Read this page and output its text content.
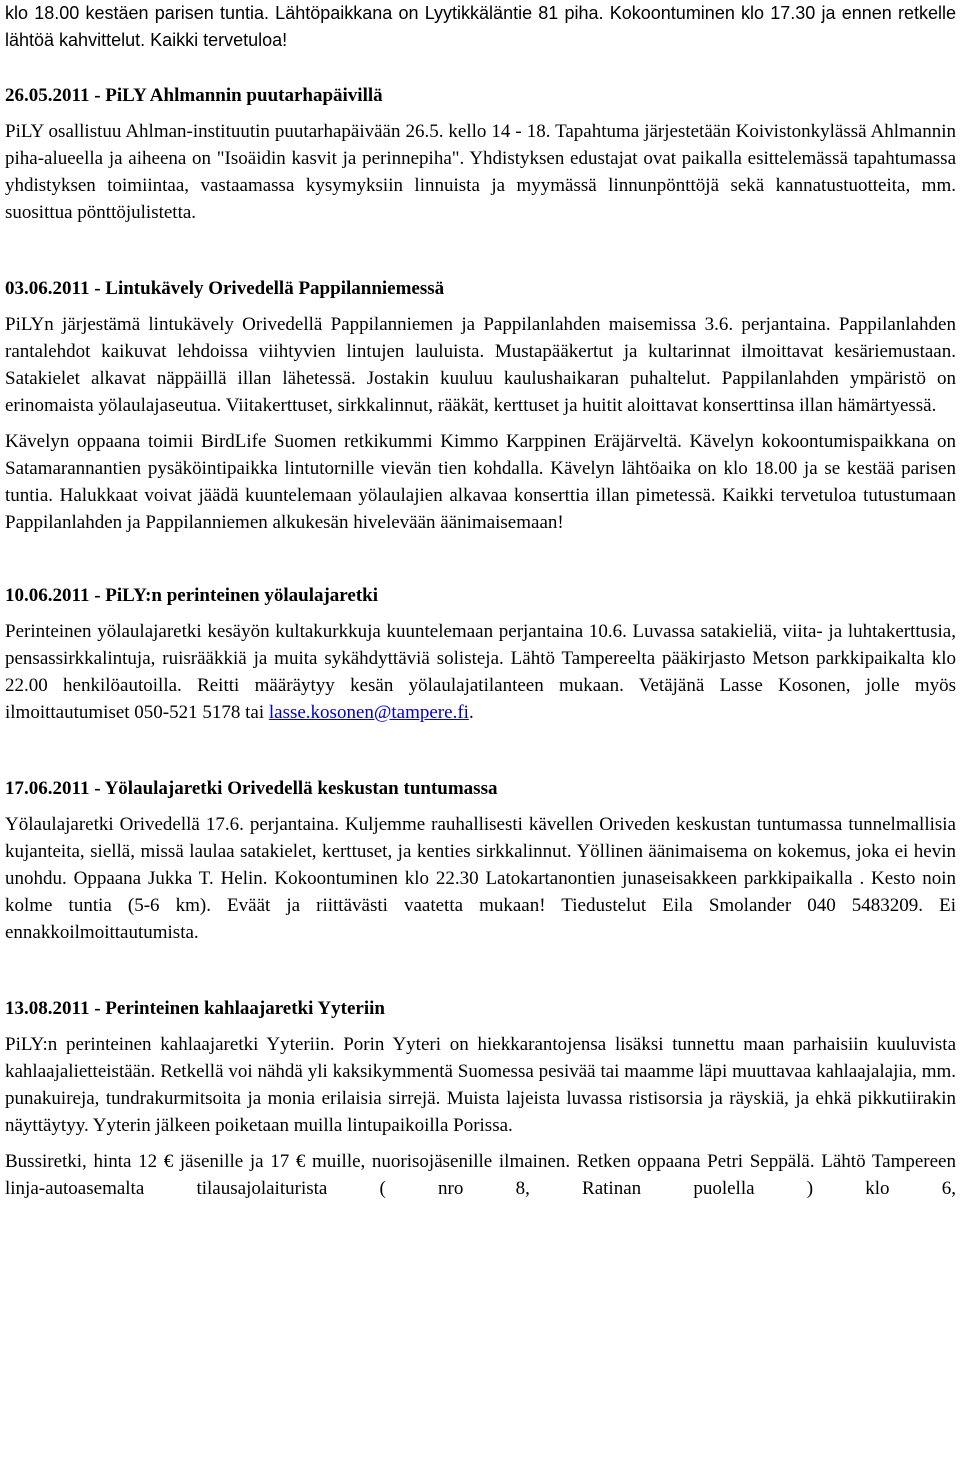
klo 18.00 kestäen parisen tuntia. Lähtöpaikkana on Lyytikkäläntie 81 piha. Kokoontuminen klo 17.30 ja ennen retkelle lähtöä kahvittelut. Kaikki tervetuloa!

26.05.2011 - PiLY Ahlmannin puutarhapäivillä

PiLY osallistuu Ahlman-instituutin puutarhapäivään 26.5. kello 14 - 18. Tapahtuma järjestetään Koivistonkylässä Ahlmannin piha-alueella ja aiheena on "Isoäidin kasvit ja perinnepiha". Yhdistyksen edustajat ovat paikalla esittelemässä tapahtumassa yhdistyksen toimiintaa, vastaamassa kysymyksiin linnuista ja myymässä linnunpönttöjä sekä kannatustuotteita, mm. suosittua pönttöjulistetta.

03.06.2011 - Lintukävely Orivedellä Pappilanniemessä

PiLYn järjestämä lintukävely Orivedellä Pappilanniemen ja Pappilanlahden maisemissa 3.6. perjantaina. Pappilanlahden rantalehdot kaikuvat lehdoissa viihtyvien lintujen lauluista. Mustapääkertut ja kultarinnat ilmoittavat kesäriemustaan. Satakielet alkavat näppäillä illan lähetessä. Jostakin kuuluu kaulushaikaran puhaltelut. Pappilanlahden ympäristö on erinomaista yölaulajaseutua. Viitakerttuset, sirkkalinnut, rääkät, kerttuset ja huitit aloittavat konserttinsa illan hämärtyessä.

Kävelyn oppaana toimii BirdLife Suomen retkikummi Kimmo Karppinen Eräjärveltä. Kävelyn kokoontumispaikkana on Satamarannantien pysäköintipaikka lintutornille vievän tien kohdalla. Kävelyn lähtöaika on klo 18.00 ja se kestää parisen tuntia. Halukkaat voivat jäädä kuuntelemaan yölaulajien alkavaa konserttia illan pimetessä. Kaikki tervetuloa tutustumaan Pappilanlahden ja Pappilanniemen alkukesän hivelevään äänimaisemaan!

10.06.2011 - PiLY:n perinteinen yölaulajaretki

Perinteinen yölaulajaretki kesäyön kultakurkkuja kuuntelemaan perjantaina 10.6. Luvassa satakieliä, viita- ja luhtakerttusia, pensassirkkalintuja, ruisrääkkiä ja muita sykähdyttäviä solisteja. Lähtö Tampereelta pääkirjasto Metson parkkipaikalta klo 22.00 henkilöautoilla. Reitti määräytyy kesän yölaulajatilanteen mukaan. Vetäjänä Lasse Kosonen, jolle myös ilmoittautumiset 050-521 5178 tai lasse.kosonen@tampere.fi.

17.06.2011 - Yölaulajaretki Orivedellä keskustan tuntumassa

Yölaulajaretki Orivedellä 17.6. perjantaina. Kuljemme rauhallisesti kävellen Oriveden keskustan tuntumassa tunnelmallisia kujanteita, siellä, missä laulaa satakielet, kerttuset, ja kenties sirkkalinnut. Yöllinen äänimaisema on kokemus, joka ei hevin unohdu. Oppaana Jukka T. Helin. Kokoontuminen klo 22.30 Latokartanontien junaseisakkeen parkkipaikalla . Kesto noin kolme tuntia (5-6 km). Eväät ja riittävästi vaatetta mukaan! Tiedustelut Eila Smolander 040 5483209. Ei ennakkoilmoittautumista.

13.08.2011 - Perinteinen kahlaajaretki Yyteriin

PiLY:n perinteinen kahlaajaretki Yyteriin. Porin Yyteri on hiekkarantojensa lisäksi tunnettu maan parhaisiin kuuluvista kahlaajalietteistään. Retkellä voi nähdä yli kaksikymmentä Suomessa pesivää tai maamme läpi muuttavaa kahlaajalajia, mm. punakuireja, tundrakurmitsoita ja monia erilaisia sirrejä. Muista lajeista luvassa ristisorsia ja räyskiä, ja ehkä pikkutiirakin näyttäytyy. Yyterin jälkeen poiketaan muilla lintupaikoilla Porissa.

Bussiretki, hinta 12 € jäsenille ja 17 € muille, nuorisojäsenille ilmainen. Retken oppaana Petri Seppälä. Lähtö Tampereen linja-autoasemalta tilausajolaiturista ( nro 8, Ratinan puolella ) klo 6,
